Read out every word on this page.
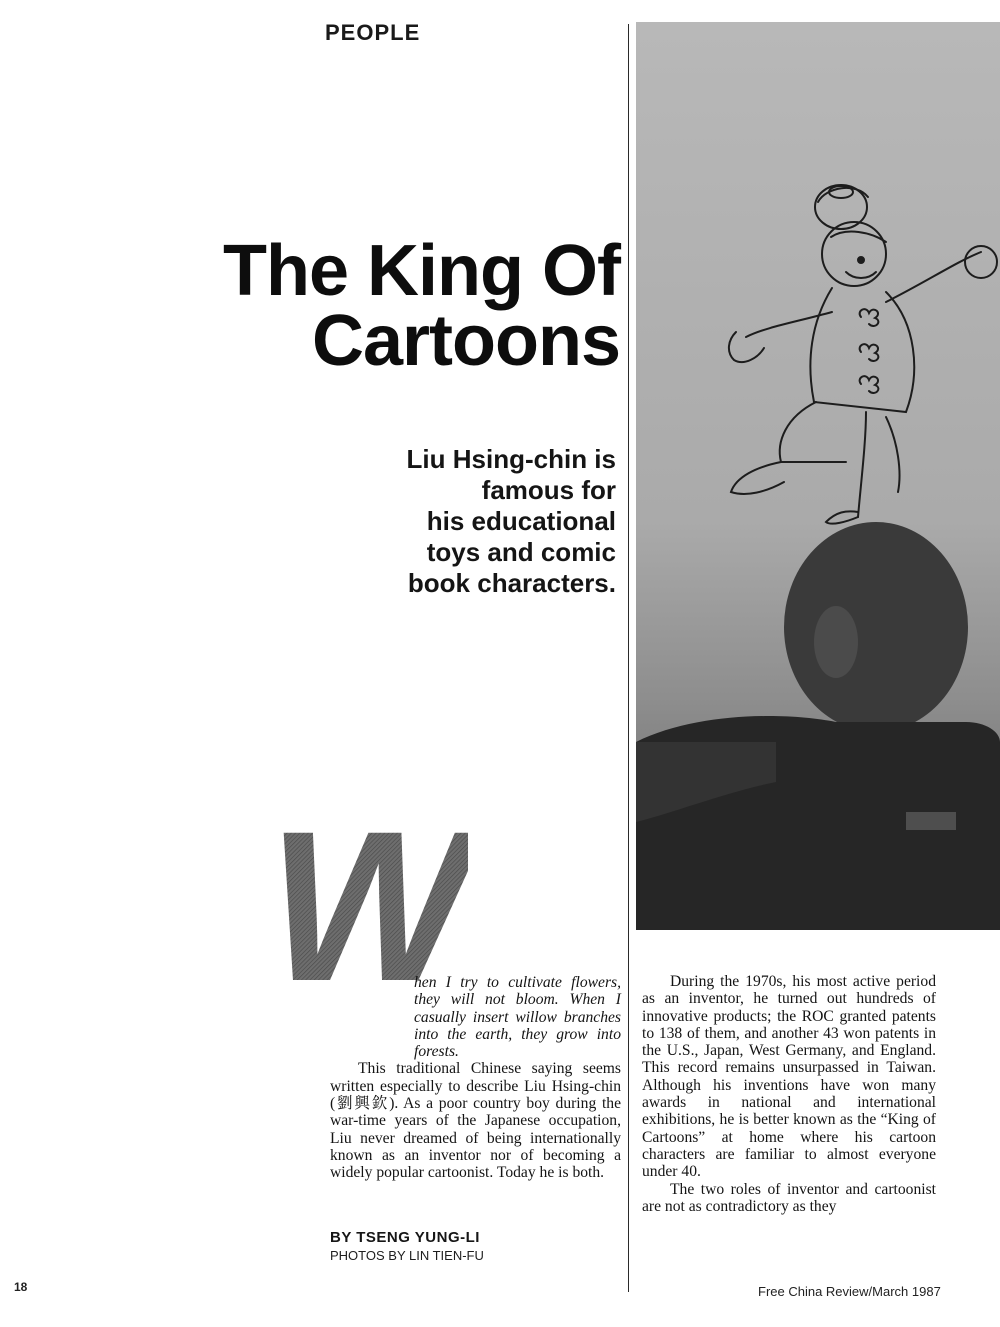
PEOPLE
The King Of
Cartoons
Liu Hsing-chin is
famous for
his educational
toys and comic
book characters.
W

hen I try to cultivate flowers, they will not bloom. When I casually insert willow branches into the earth, they grow into forests.

This traditional Chinese saying seems written especially to describe Liu Hsing-chin (劉興欽). As a poor country boy during the war-time years of the Japanese occupation, Liu never dreamed of being internationally known as an inventor nor of becoming a widely popular cartoonist. Today he is both.

During the 1970s, his most active period as an inventor, he turned out hundreds of innovative products; the ROC granted patents to 138 of them, and another 43 won patents in the U.S., Japan, West Germany, and England. This record remains unsurpassed in Taiwan. Although his inventions have won many awards in national and international exhibitions, he is better known as the “King of Cartoons” at home where his cartoon characters are familiar to almost everyone under 40.

The two roles of inventor and cartoonist are not as contradictory as they

BY TSENG YUNG-LI
PHOTOS BY LIN TIEN-FU
18	Free China Review/March 1987
